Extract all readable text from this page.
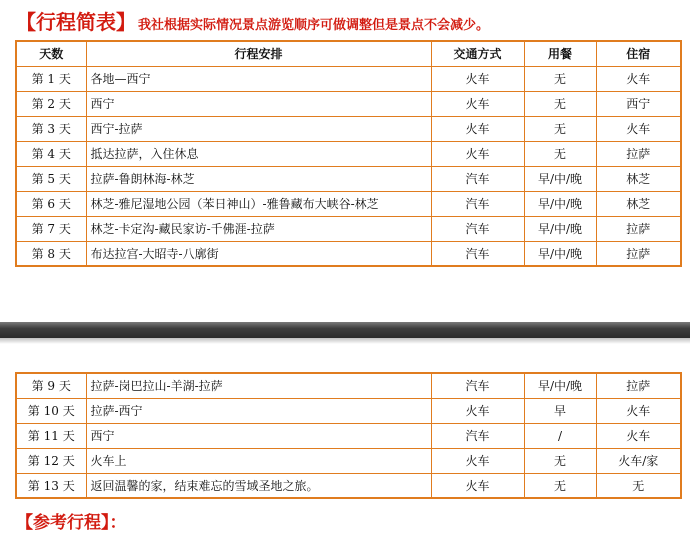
【行程简表】 我社根据实际情况景点游览顺序可做调整但是景点不会减少。
天数	行程安排	交通方式	用餐	住宿
第 1 天	各地—西宁	火车	无	火车
第 2 天	西宁	火车	无	西宁
第 3 天	西宁-拉萨	火车	无	火车
第 4 天	抵达拉萨，入住休息	火车	无	拉萨
第 5 天	拉萨-鲁朗林海-林芝	汽车	早/中/晚	林芝
第 6 天	林芝-雅尼湿地公园（苯日神山）-雅鲁藏布大峡谷-林芝	汽车	早/中/晚	林芝
第 7 天	林芝-卡定沟-藏民家访-千佛涯-拉萨	汽车	早/中/晚	拉萨
第 8 天	布达拉宫-大昭寺-八廓街	汽车	早/中/晚	拉萨
第 9 天	拉萨-岗巴拉山-羊湖-拉萨	汽车	早/中/晚	拉萨
第 10 天	拉萨-西宁	火车	早	火车
第 11 天	西宁	汽车	/	火车
第 12 天	火车上	火车	无	火车/家
第 13 天	返回温馨的家，结束难忘的雪域圣地之旅。	火车	无	无
【参考行程】：
